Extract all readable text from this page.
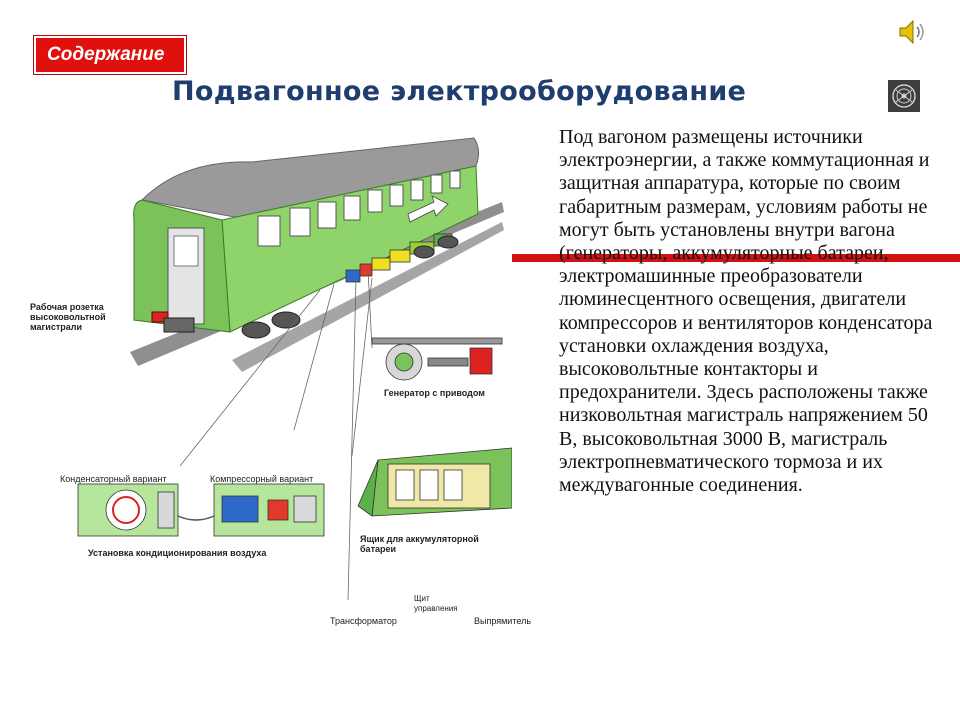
Содержание
Подвагонное электрооборудование

Под вагоном размещены источники электроэнергии, а также коммутационная и защитная аппаратура, которые по своим габаритным размерам, условиям работы не могут быть установлены внутри вагона (генераторы, аккумуляторные батареи, электромашинные преобразователи люминесцентного освещения, двигатели компрессоров и вентиляторов конденсатора установки охлаждения воздуха, высоковольтные контакторы и предохранители. Здесь расположены также низковольтная магистраль напряжением 50 В, высоковольтная 3000 В, магистраль электропневматического тормоза и их междувагонные соединения.

Рабочая розетка высоковольтной магистрали
Генератор с приводом
Конденсаторный вариант	Компрессорный вариант
Установка кондиционирования воздуха
Ящик для аккумуляторной батареи
Щит управления
Трансформатор	Выпрямитель
